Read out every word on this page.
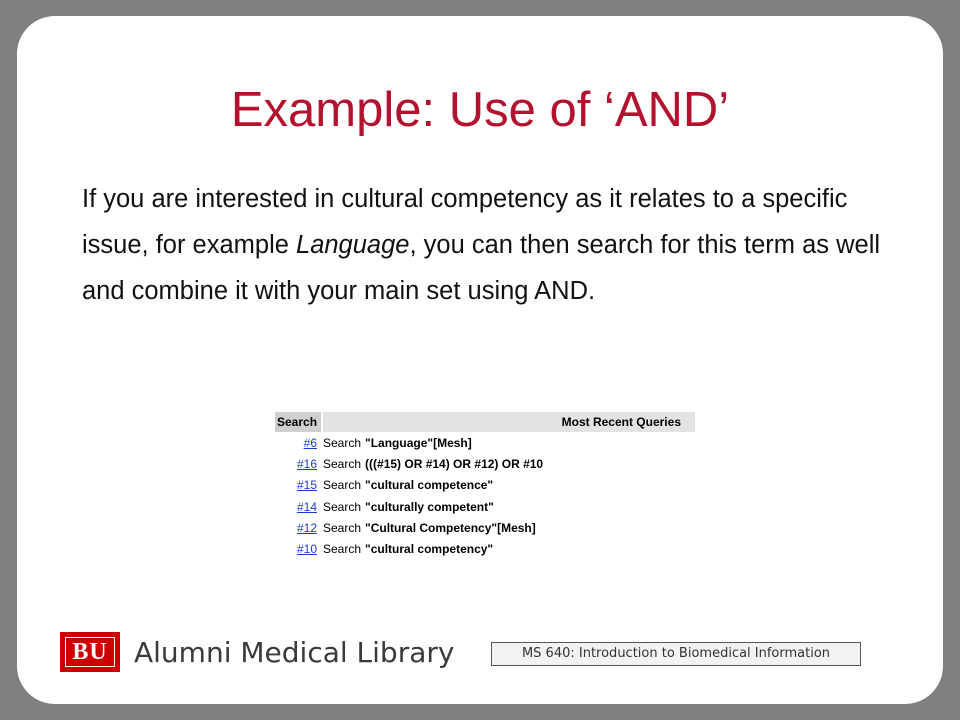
Example: Use of ‘AND’
If you are interested in cultural competency as it relates to a specific issue, for example Language, you can then search for this term as well and combine it with your main set using AND.
Search	Most Recent Queries
#6 Search "Language"[Mesh]
#16 Search (((#15) OR #14) OR #12) OR #10
#15 Search "cultural competence"
#14 Search "culturally competent"
#12 Search "Cultural Competency"[Mesh]
#10 Search "cultural competency"
BU Alumni Medical Library	MS 640: Introduction to Biomedical Information
